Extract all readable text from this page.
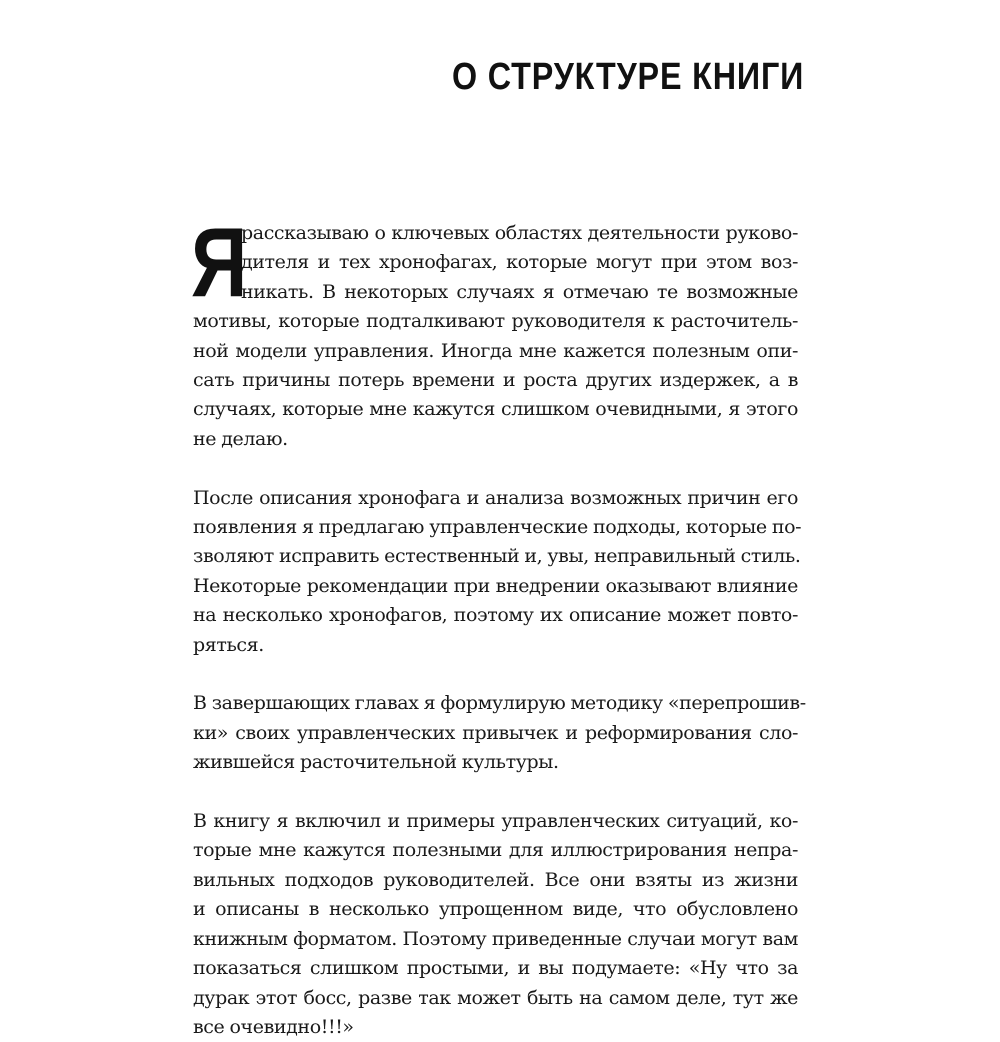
О СТРУКТУРЕ КНИГИ

Я
рассказываю о ключевых областях деятельности руково-
дителя и тех хронофагах, которые могут при этом воз-
никать. В некоторых случаях я отмечаю те возможные
мотивы, которые подталкивают руководителя к расточитель-
ной модели управления. Иногда мне кажется полезным опи-
сать причины потерь времени и роста других издержек, а в
случаях, которые мне кажутся слишком очевидными, я этого
не делаю.

После описания хронофага и анализа возможных причин его
появления я предлагаю управленческие подходы, которые по-
зволяют исправить естественный и, увы, неправильный стиль.
Некоторые рекомендации при внедрении оказывают влияние
на несколько хронофагов, поэтому их описание может повто-
ряться.

В завершающих главах я формулирую методику «перепрошив-
ки» своих управленческих привычек и реформирования сло-
жившейся расточительной культуры.

В книгу я включил и примеры управленческих ситуаций, ко-
торые мне кажутся полезными для иллюстрирования непра-
вильных подходов руководителей. Все они взяты из жизни
и описаны в несколько упрощенном виде, что обусловлено
книжным форматом. Поэтому приведенные случаи могут вам
показаться слишком простыми, и вы подумаете: «Ну что за
дурак этот босс, разве так может быть на самом деле, тут же
все очевидно!!!»
